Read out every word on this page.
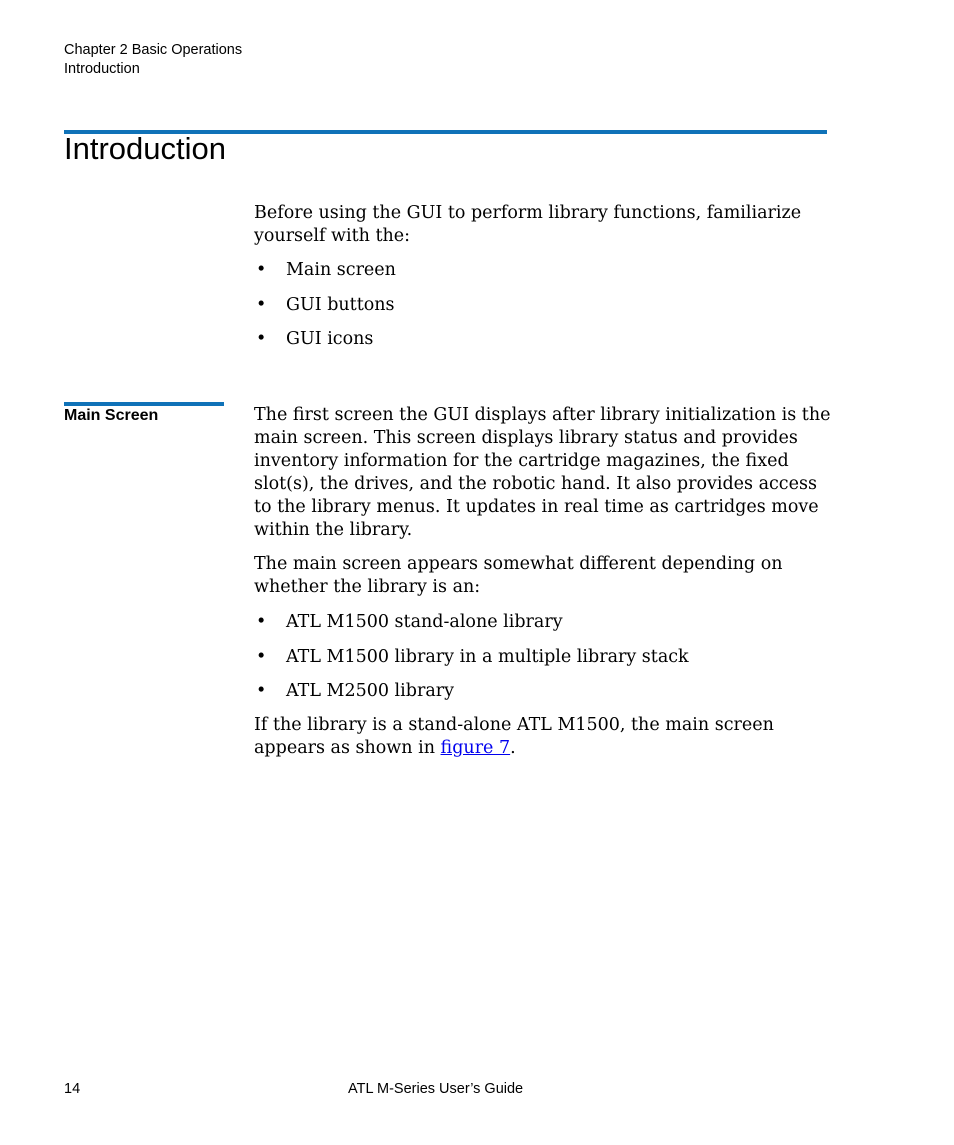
Chapter 2 Basic Operations
Introduction
Introduction

Before using the GUI to perform library functions, familiarize yourself with the:

• Main screen
• GUI buttons
• GUI icons
Main Screen	The first screen the GUI displays after library initialization is the main screen. This screen displays library status and provides inventory information for the cartridge magazines, the fixed slot(s), the drives, and the robotic hand. It also provides access to the library menus. It updates in real time as cartridges move within the library.

The main screen appears somewhat different depending on whether the library is an:

• ATL M1500 stand-alone library
• ATL M1500 library in a multiple library stack
• ATL M2500 library

If the library is a stand-alone ATL M1500, the main screen appears as shown in figure 7.

14	ATL M-Series User’s Guide
